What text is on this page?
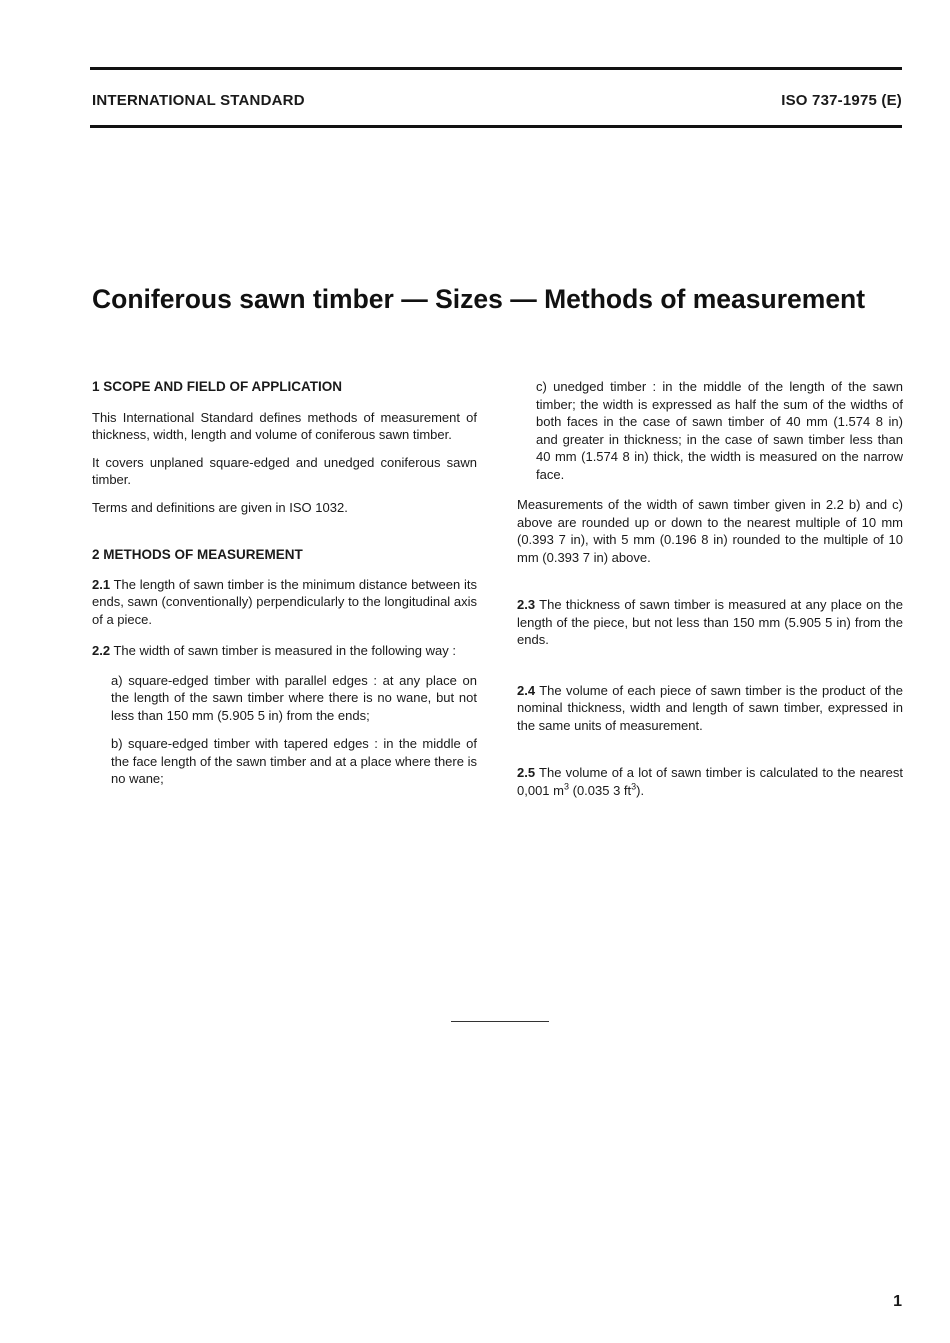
INTERNATIONAL STANDARD	ISO 737-1975 (E)
Coniferous sawn timber — Sizes — Methods of measurement

1 SCOPE AND FIELD OF APPLICATION

This International Standard defines methods of measurement of thickness, width, length and volume of coniferous sawn timber.

It covers unplaned square-edged and unedged coniferous sawn timber.

Terms and definitions are given in ISO 1032.

2 METHODS OF MEASUREMENT

2.1 The length of sawn timber is the minimum distance between its ends, sawn (conventionally) perpendicularly to the longitudinal axis of a piece.

2.2 The width of sawn timber is measured in the following way :

a) square-edged timber with parallel edges : at any place on the length of the sawn timber where there is no wane, but not less than 150 mm (5.905 5 in) from the ends;

b) square-edged timber with tapered edges : in the middle of the face length of the sawn timber and at a place where there is no wane;

c) unedged timber : in the middle of the length of the sawn timber; the width is expressed as half the sum of the widths of both faces in the case of sawn timber of 40 mm (1.574 8 in) and greater in thickness; in the case of sawn timber less than 40 mm (1.574 8 in) thick, the width is measured on the narrow face.

Measurements of the width of sawn timber given in 2.2 b) and c) above are rounded up or down to the nearest multiple of 10 mm (0.393 7 in), with 5 mm (0.196 8 in) rounded to the multiple of 10 mm (0.393 7 in) above.

2.3 The thickness of sawn timber is measured at any place on the length of the piece, but not less than 150 mm (5.905 5 in) from the ends.

2.4 The volume of each piece of sawn timber is the product of the nominal thickness, width and length of sawn timber, expressed in the same units of measurement.

2.5 The volume of a lot of sawn timber is calculated to the nearest 0,001 $m^3$ (0.035 3 $ft^3$).

1
